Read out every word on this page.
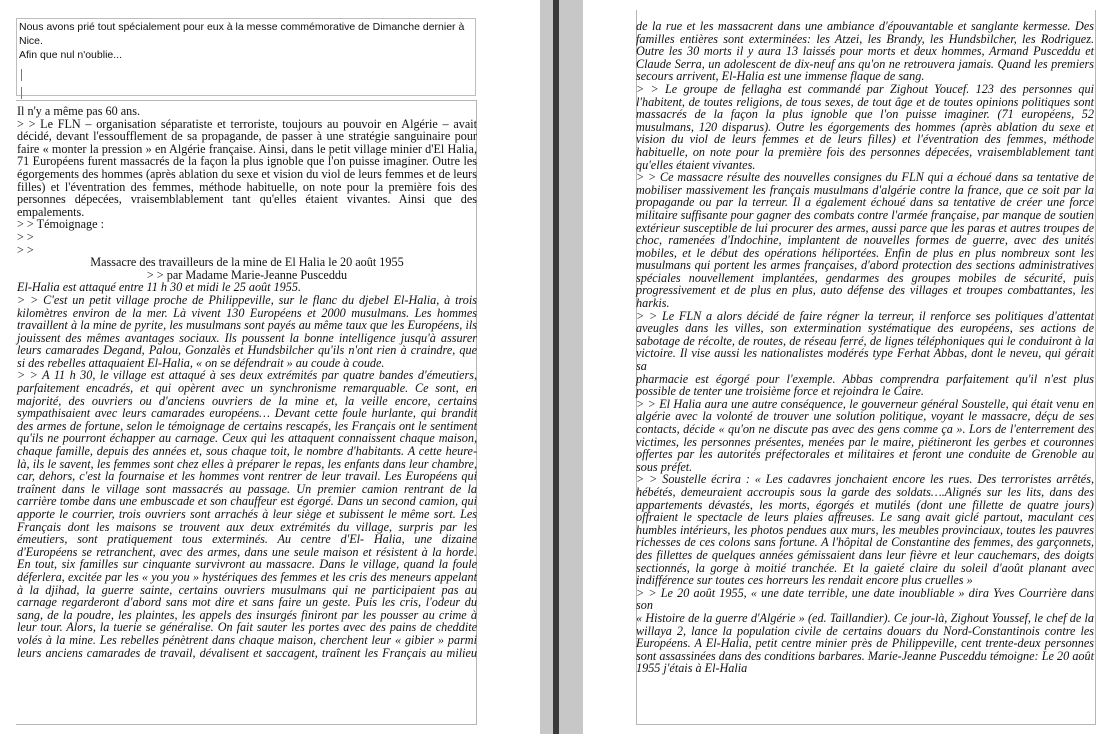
Nous avons prié tout spécialement pour eux à la messe commémorative de Dimanche dernier à Nice.
Afin que nul n'oublie...
Il n'y a même pas 60 ans.
> > Le FLN – organisation séparatiste et terroriste, toujours au pouvoir en Algérie – avait
décidé, devant l'essoufflement de sa propagande, de passer à une stratégie sanguinaire pour
faire « monter la pression » en Algérie française. Ainsi, dans le petit village minier d'El Halia,
71 Européens furent massacrés de la façon la plus ignoble que l'on puisse imaginer. Outre les
égorgements des hommes (après ablation du sexe et vision du viol de leurs femmes et de leurs
filles) et l'éventration des femmes, méthode habituelle, on note pour la première fois des
personnes dépecées, vraisemblablement tant qu'elles étaient vivantes. Ainsi que des
empalements.
> > Témoignage :
> >
> >
Massacre des travailleurs de la mine de El Halia le 20 août 1955
> > par Madame Marie-Jeanne Pusceddu
El-Halia est attaqué entre 11 h 30 et midi le 25 août 1955.
> > C'est un petit village proche de Philippeville, sur le flanc du djebel El-Halia, à trois
kilomètres environ de la mer. Là vivent 130 Européens et 2000 musulmans. Les hommes
travaillent à la mine de pyrite, les musulmans sont payés au même taux que les Européens, ils
jouissent des mêmes avantages sociaux. Ils poussent la bonne intelligence jusqu'à assurer
leurs camarades Degand, Palou, Gonzalès et Hundsbilcher qu'ils n'ont rien à craindre, que
si des rebelles attaquaient El-Halia, « on se défendrait » au coude à coude.
> > A 11 h 30, le village est attaqué à ses deux extrémités par quatre bandes d'émeutiers,
parfaitement encadrés, et qui opèrent avec un synchronisme remarquable. Ce sont, en
majorité, des ouvriers ou d'anciens ouvriers de la mine et, la veille encore, certains
sympathisaient avec leurs camarades européens… Devant cette foule hurlante, qui brandit
des armes de fortune, selon le témoignage de certains rescapés, les Français ont le sentiment
qu'ils ne pourront échapper au carnage. Ceux qui les attaquent connaissent chaque maison,
chaque famille, depuis des années et, sous chaque toit, le nombre d'habitants. A cette heure-
là, ils le savent, les femmes sont chez elles à préparer le repas, les enfants dans leur chambre,
car, dehors, c'est la fournaise et les hommes vont rentrer de leur travail. Les Européens qui
traînent dans le village sont massacrés au passage. Un premier camion rentrant de la
carrière tombe dans une embuscade et son chauffeur est égorgé. Dans un second camion, qui
apporte le courrier, trois ouvriers sont arrachés à leur siège et subissent le même sort. Les
Français dont les maisons se trouvent aux deux extrémités du village, surpris par les
émeutiers, sont pratiquement tous exterminés. Au centre d'El- Halia, une dizaine
d'Européens se retranchent, avec des armes, dans une seule maison et résistent à la horde.
En tout, six familles sur cinquante survivront au massacre. Dans le village, quand la foule
déferlera, excitée par les « you you » hystériques des femmes et les cris des meneurs appelant
à la djihad, la guerre sainte, certains ouvriers musulmans qui ne participaient pas au
carnage regarderont d'abord sans mot dire et sans faire un geste. Puis les cris, l'odeur du
sang, de la poudre, les plaintes, les appels des insurgés finiront par les pousser au crime à
leur tour. Alors, la tuerie se généralise. On fait sauter les portes avec des pains de cheddite
volés à la mine. Les rebelles pénètrent dans chaque maison, cherchent leur « gibier » parmi
leurs anciens camarades de travail, dévalisent et saccagent, traînent les Français au milieu
de la rue et les massacrent dans une ambiance d'épouvantable et sanglante kermesse. Des
familles entières sont exterminées: les Atzei, les Brandy, les Hundsbilcher, les Rodriguez.
Outre les 30 morts il y aura 13 laissés pour morts et deux hommes, Armand Pusceddu et
Claude Serra, un adolescent de dix-neuf ans qu'on ne retrouvera jamais. Quand les premiers
secours arrivent, El-Halia est une immense flaque de sang.
> > Le groupe de fellagha est commandé par Zighout Youcef. 123 des personnes qui
l'habitent, de toutes religions, de tous sexes, de tout âge et de toutes opinions politiques sont
massacrés de la façon la plus ignoble que l'on puisse imaginer. (71 européens, 52
musulmans, 120 disparus). Outre les égorgements des hommes (après ablation du sexe et
vision du viol de leurs femmes et de leurs filles) et l'éventration des femmes, méthode
habituelle, on note pour la première fois des personnes dépecées, vraisemblablement tant
qu'elles étaient vivantes.
> > Ce massacre résulte des nouvelles consignes du FLN qui a échoué dans sa tentative de
mobiliser massivement les français musulmans d'algérie contre la france, que ce soit par la
propagande ou par la terreur. Il a également échoué dans sa tentative de créer une force
militaire suffisante pour gagner des combats contre l'armée française, par manque de soutien
extérieur susceptible de lui procurer des armes, aussi parce que les paras et autres troupes de
choc, ramenées d'Indochine, implantent de nouvelles formes de guerre, avec des unités
mobiles, et le début des opérations héliportées. Enfin de plus en plus nombreux sont les
musulmans qui portent les armes françaises, d'abord protection des sections administratives
spéciales nouvellement implantées, gendarmes des groupes mobiles de sécurité, puis
progressivement et de plus en plus, auto défense des villages et troupes combattantes, les
harkis.
> > Le FLN a alors décidé de faire régner la terreur, il renforce ses politiques d'attentat
aveugles dans les villes, son extermination systématique des européens, ses actions de
sabotage de récolte, de routes, de réseau ferré, de lignes téléphoniques qui le conduiront à la
victoire. Il vise aussi les nationalistes modérés type Ferhat Abbas, dont le neveu, qui gérait sa
pharmacie est égorgé pour l'exemple. Abbas comprendra parfaitement qu'il n'est plus
possible de tenter une troisième force et rejoindra le Caire.
> > El Halia aura une autre conséquence, le gouverneur général Soustelle, qui était venu en
algérie avec la volonté de trouver une solution politique, voyant le massacre, déçu de ses
contacts, décide « qu'on ne discute pas avec des gens comme ça ». Lors de l'enterrement des
victimes, les personnes présentes, menées par le maire, piétineront les gerbes et couronnes
offertes par les autorités préfectorales et militaires et feront une conduite de Grenoble au
sous préfet.
> > Soustelle écrira : « Les cadavres jonchaient encore les rues. Des terroristes arrêtés,
hébétés, demeuraient accroupis sous la garde des soldats….Alignés sur les lits, dans des
appartements dévastés, les morts, égorgés et mutilés (dont une fillette de quatre jours)
offraient le spectacle de leurs plaies affreuses. Le sang avait giclé partout, maculant ces
humbles intérieurs, les photos pendues aux murs, les meubles provinciaux, toutes les pauvres
richesses de ces colons sans fortune. A l'hôpital de Constantine des femmes, des garçonnets,
des fillettes de quelques années gémissaient dans leur fièvre et leur cauchemars, des doigts
sectionnés, la gorge à moitié tranchée. Et la gaieté claire du soleil d'août planant avec
indifférence sur toutes ces horreurs les rendait encore plus cruelles »
> > Le 20 août 1955, « une date terrible, une date inoubliable » dira Yves Courrière dans son
« Histoire de la guerre d'Algérie » (ed. Taillandier). Ce jour-là, Zighout Youssef, le chef de la
willaya 2, lance la population civile de certains douars du Nord-Constantinois contre les
Européens. A El-Halia, petit centre minier près de Philippeville, cent trente-deux personnes
sont assassinées dans des conditions barbares. Marie-Jeanne Pusceddu témoigne: Le 20 août
1955 j'étais à El-Halia
